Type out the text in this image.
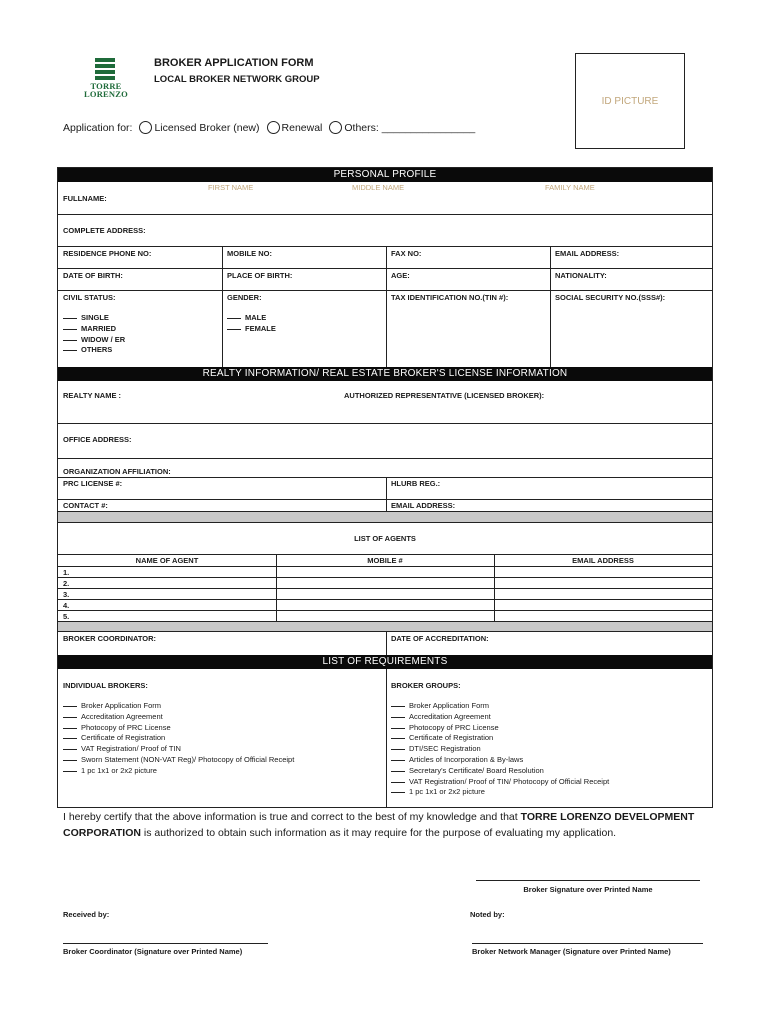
TORRE
LORENZO
BROKER APPLICATION FORM
LOCAL BROKER NETWORK GROUP
ID PICTURE
Application for: Licensed Broker (new) Renewal Others: ________________
PERSONAL PROFILE
FIRST NAME	MIDDLE NAME	FAMILY NAME
FULLNAME:
COMPLETE ADDRESS:
RESIDENCE PHONE NO:	MOBILE NO:	FAX NO:	EMAIL ADDRESS:
DATE OF BIRTH:	PLACE OF BIRTH:	AGE:	NATIONALITY:
CIVIL STATUS:
SINGLE
MARRIED
WIDOW / ER
OTHERS
GENDER:
MALE
FEMALE
TAX IDENTIFICATION NO.(TIN #):	SOCIAL SECURITY NO.(SSS#):
REALTY INFORMATION/ REAL ESTATE BROKER'S LICENSE INFORMATION
REALTY NAME :	AUTHORIZED REPRESENTATIVE (LICENSED BROKER):
OFFICE ADDRESS:
ORGANIZATION AFFILIATION:
PRC LICENSE #:	HLURB REG.:
CONTACT #:	EMAIL ADDRESS:
LIST OF AGENTS
NAME OF AGENT	MOBILE #	EMAIL ADDRESS
1.
2.
3.
4.
5.
BROKER COORDINATOR:	DATE OF ACCREDITATION:
LIST OF REQUIREMENTS
INDIVIDUAL BROKERS:
Broker Application Form
Accreditation Agreement
Photocopy of PRC License
Certificate of Registration
VAT Registration/ Proof of TIN
Sworn Statement (NON-VAT Reg)/ Photocopy of Official Receipt
1 pc 1x1 or 2x2 picture
BROKER GROUPS:
Broker Application Form
Accreditation Agreement
Photocopy of PRC License
Certificate of Registration
DTI/SEC Registration
Articles of Incorporation & By-laws
Secretary's Certificate/ Board Resolution
VAT Registration/ Proof of TIN/ Photocopy of Official Receipt
1 pc 1x1 or 2x2 picture
I hereby certify that the above information is true and correct to the best of my knowledge and that TORRE LORENZO DEVELOPMENT CORPORATION is authorized to obtain such information as it may require for the purpose of evaluating my application.
Broker Signature over Printed Name
Received by:	Noted by:
Broker Coordinator (Signature over Printed Name)	Broker Network Manager (Signature over Printed Name)
